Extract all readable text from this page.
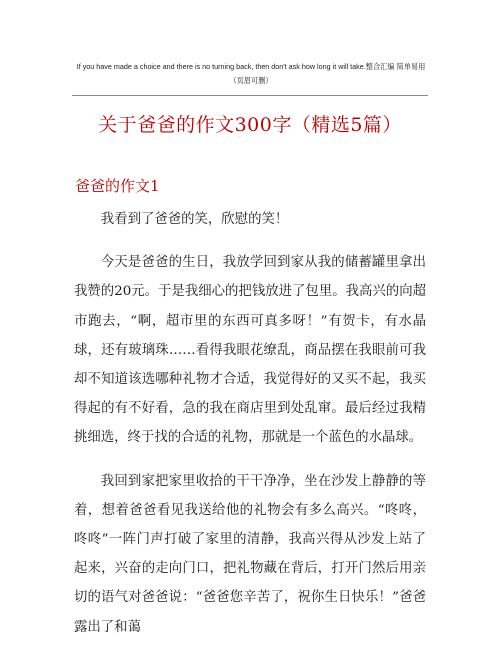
If you have made a choice and there is no turning back, then don't ask how long it will take.整合汇编 简单易用
（页眉可删）
关于爸爸的作文300字（精选5篇）
爸爸的作文1

我看到了爸爸的笑，欣慰的笑！

今天是爸爸的生日，我放学回到家从我的储蓄罐里拿出我赞的20元。于是我细心的把钱放进了包里。我高兴的向超市跑去，“啊，超市里的东西可真多呀！”有贺卡，有水晶球，还有玻璃珠……看得我眼花缭乱，商品摆在我眼前可我却不知道该选哪种礼物才合适，我觉得好的又买不起，我买得起的有不好看，急的我在商店里到处乱窜。最后经过我精挑细选，终于找的合适的礼物，那就是一个蓝色的水晶球。

我回到家把家里收拾的干干净净，坐在沙发上静静的等着，想着爸爸看见我送给他的礼物会有多么高兴。“咚咚，咚咚”一阵门声打破了家里的清静，我高兴得从沙发上站了起来，兴奋的走向门口，把礼物藏在背后，打开门然后用亲切的语气对爸爸说：“爸爸您辛苦了，祝你生日快乐！”爸爸露出了和蔼
